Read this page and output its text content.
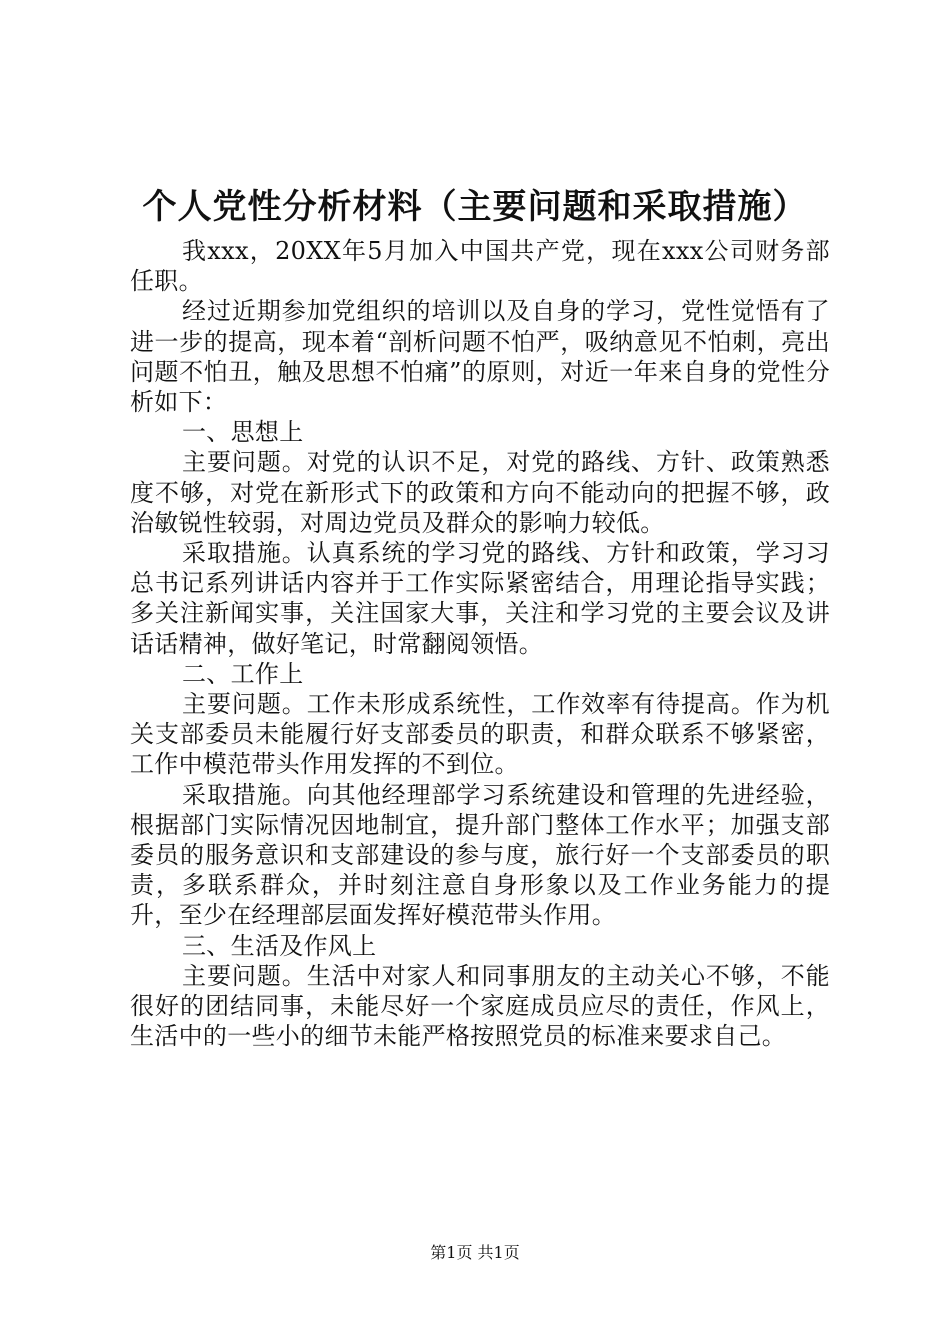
个人党性分析材料（主要问题和采取措施）

我xxx，20XX年5月加入中国共产党，现在xxx公司财务部任职。

经过近期参加党组织的培训以及自身的学习，党性觉悟有了进一步的提高，现本着“剖析问题不怕严，吸纳意见不怕刺，亮出问题不怕丑，触及思想不怕痛”的原则，对近一年来自身的党性分析如下：

一、思想上

主要问题。对党的认识不足，对党的路线、方针、政策熟悉度不够，对党在新形式下的政策和方向不能动向的把握不够，政治敏锐性较弱，对周边党员及群众的影响力较低。

采取措施。认真系统的学习党的路线、方针和政策，学习习总书记系列讲话内容并于工作实际紧密结合，用理论指导实践；多关注新闻实事，关注国家大事，关注和学习党的主要会议及讲话话精神，做好笔记，时常翻阅领悟。

二、工作上

主要问题。工作未形成系统性，工作效率有待提高。作为机关支部委员未能履行好支部委员的职责，和群众联系不够紧密，工作中模范带头作用发挥的不到位。

采取措施。向其他经理部学习系统建设和管理的先进经验，根据部门实际情况因地制宜，提升部门整体工作水平；加强支部委员的服务意识和支部建设的参与度，旅行好一个支部委员的职责，多联系群众，并时刻注意自身形象以及工作业务能力的提升，至少在经理部层面发挥好模范带头作用。

三、生活及作风上

主要问题。生活中对家人和同事朋友的主动关心不够，不能很好的团结同事，未能尽好一个家庭成员应尽的责任，作风上，生活中的一些小的细节未能严格按照党员的标准来要求自己。

第1页 共1页
